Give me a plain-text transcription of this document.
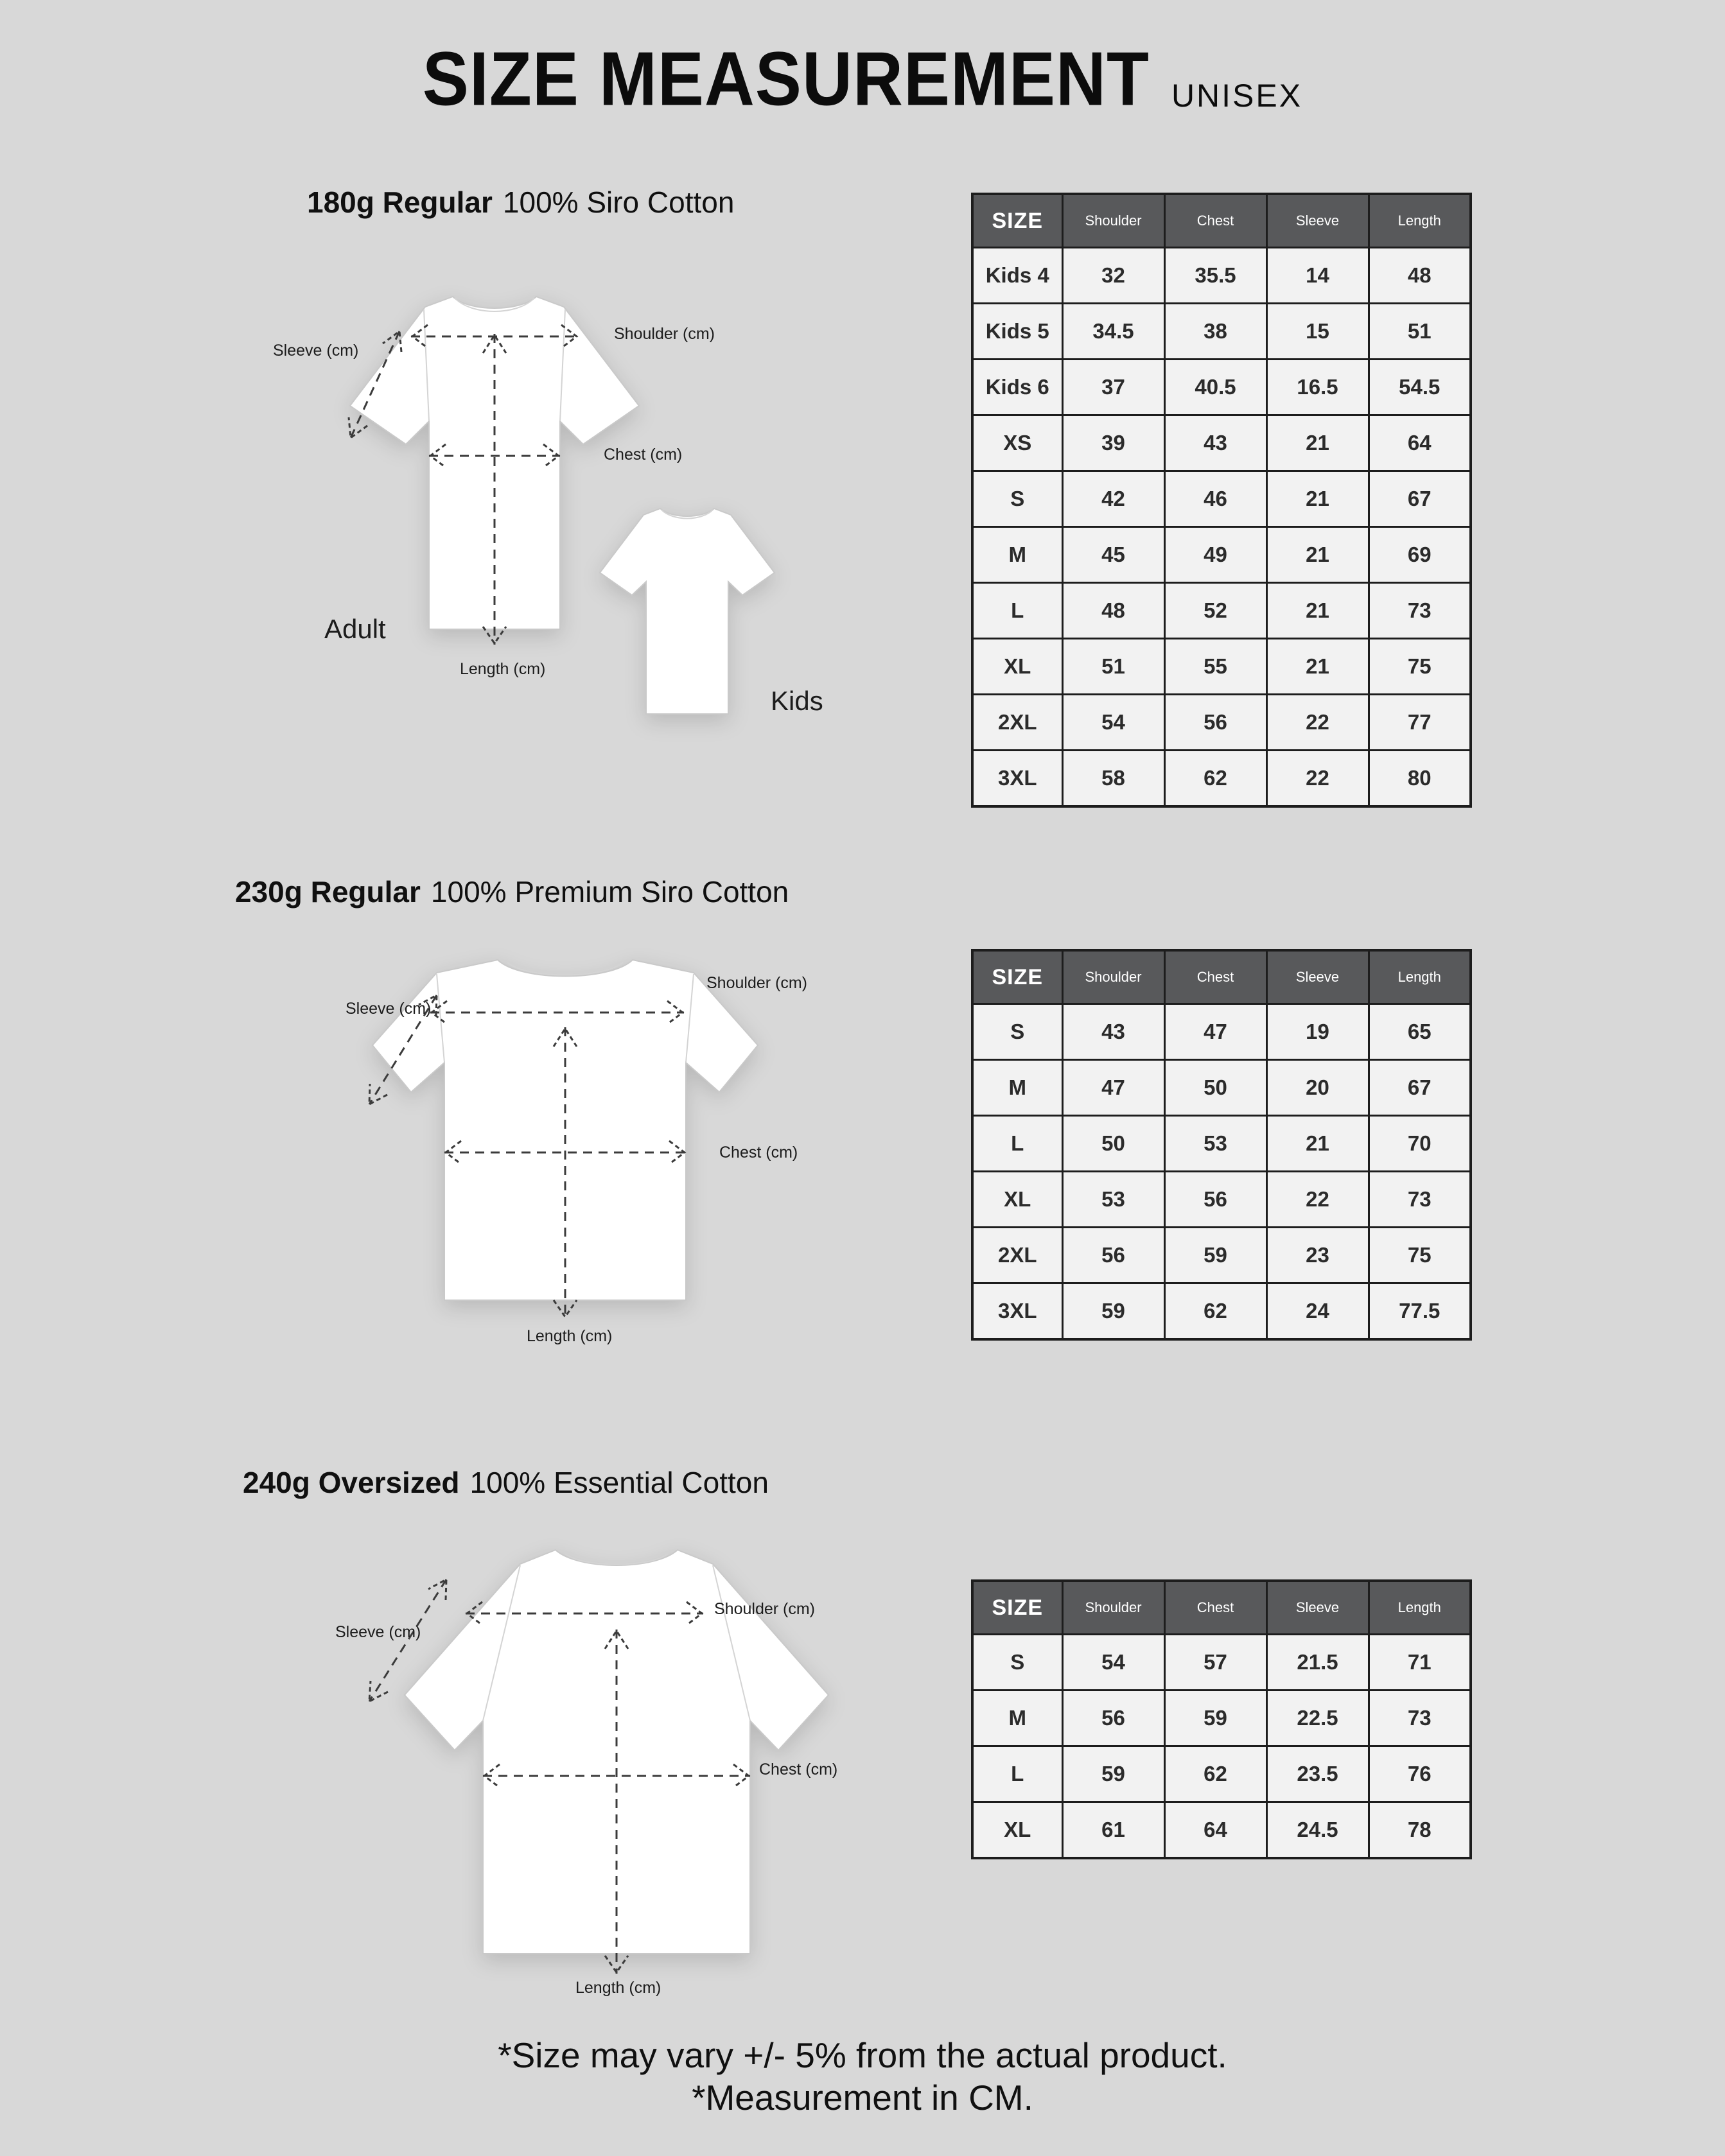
SIZE MEASUREMENT UNISEX
180g Regular 100% Siro Cotton
Sleeve (cm)
Shoulder (cm)
Chest (cm)
Adult
Length (cm)
Kids
SIZE	Shoulder	Chest	Sleeve	Length
Kids 4	32	35.5	14	48
Kids 5	34.5	38	15	51
Kids 6	37	40.5	16.5	54.5
XS	39	43	21	64
S	42	46	21	67
M	45	49	21	69
L	48	52	21	73
XL	51	55	21	75
2XL	54	56	22	77
3XL	58	62	22	80
230g Regular 100% Premium Siro Cotton
Sleeve (cm)
Shoulder (cm)
Chest (cm)
Length (cm)
SIZE	Shoulder	Chest	Sleeve	Length
S	43	47	19	65
M	47	50	20	67
L	50	53	21	70
XL	53	56	22	73
2XL	56	59	23	75
3XL	59	62	24	77.5
240g Oversized 100% Essential Cotton
Sleeve (cm)
Shoulder (cm)
Chest (cm)
Length (cm)
SIZE	Shoulder	Chest	Sleeve	Length
S	54	57	21.5	71
M	56	59	22.5	73
L	59	62	23.5	76
XL	61	64	24.5	78
*Size may vary +/- 5% from the actual product.
*Measurement in CM.
